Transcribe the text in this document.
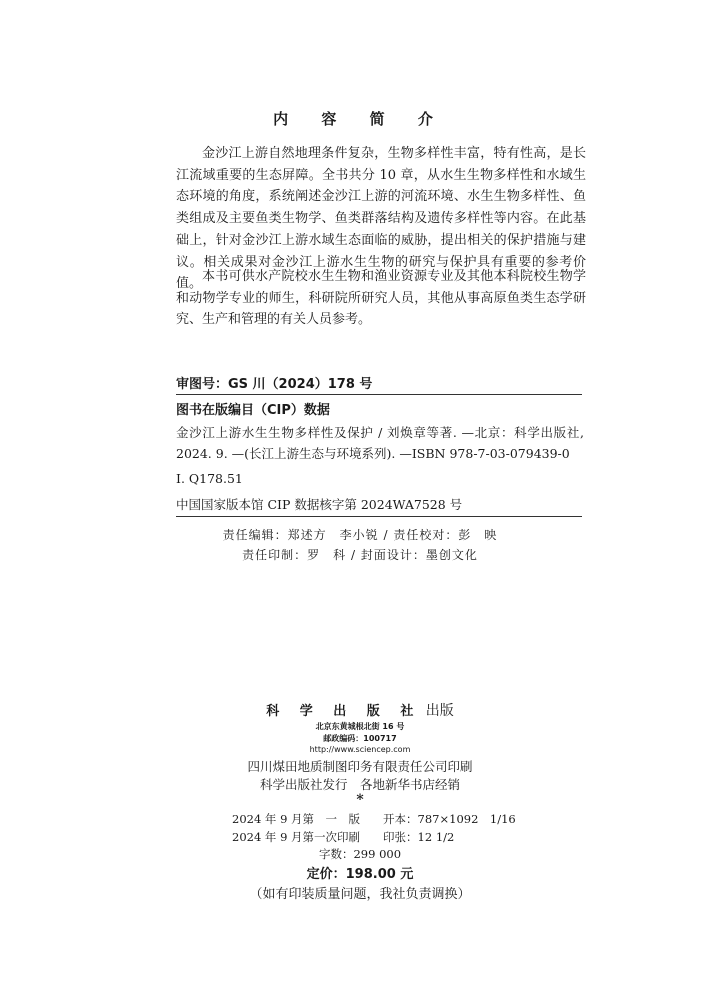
内 容 简 介

金沙江上游自然地理条件复杂，生物多样性丰富，特有性高，是长江流域重要的生态屏障。全书共分 10 章，从水生生物多样性和水域生态环境的角度，系统阐述金沙江上游的河流环境、水生生物多样性、鱼类组成及主要鱼类生物学、鱼类群落结构及遗传多样性等内容。在此基础上，针对金沙江上游水域生态面临的威胁，提出相关的保护措施与建议。相关成果对金沙江上游水生生物的研究与保护具有重要的参考价值。 本书可供水产院校水生生物和渔业资源专业及其他本科院校生物学和动物学专业的师生，科研院所研究人员，其他从事高原鱼类生态学研究、生产和管理的有关人员参考。

审图号：GS 川（2024）178 号
图书在版编目（CIP）数据
金沙江上游水生生物多样性及保护 / 刘焕章等著. —北京：科学出版社, 2024. 9. —(长江上游生态与环境系列). —ISBN 978-7-03-079439-0
Ⅰ. Q178.51
中国国家版本馆 CIP 数据核字第 2024WA7528 号
责任编辑：郑述方　李小锐 / 责任校对：彭　映
责任印制：罗　科 / 封面设计：墨创文化
科 学 出 版 社 出版
北京东黄城根北街 16 号
邮政编码：100717
http://www.sciencep.com
四川煤田地质制图印务有限责任公司印刷
科学出版社发行　各地新华书店经销
*
2024 年 9 月第　一　版　　开本：787×1092　1/16
2024 年 9 月第一次印刷　　印张：12 1/2
字数：299 000
定价：198.00 元
（如有印装质量问题，我社负责调换）
